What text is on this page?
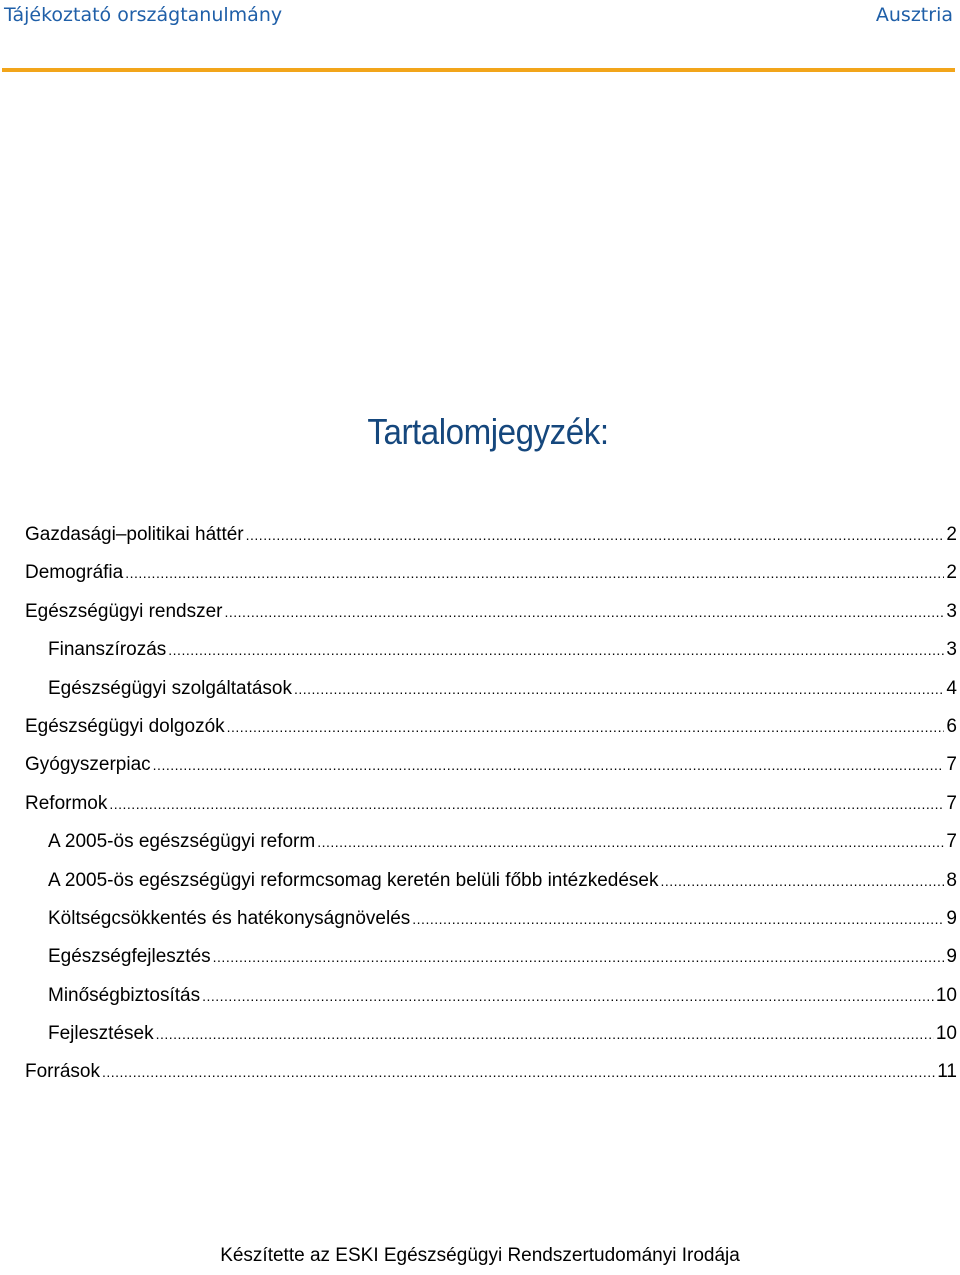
Tájékoztató országtanulmány	Ausztria
Tartalomjegyzék:
Gazdasági–politikai háttér .....	2
Demográfia .....	2
Egészségügyi rendszer .....	3
Finanszírozás .....	3
Egészségügyi szolgáltatások .....	4
Egészségügyi dolgozók .....	6
Gyógyszerpiac .....	7
Reformok .....	7
A 2005-ös egészségügyi reform .....	7
A 2005-ös egészségügyi reformcsomag keretén belüli főbb intézkedések .....	8
Költségcsökkentés és hatékonyságnövelés .....	9
Egészségfejlesztés .....	9
Minőségbiztosítás .....	10
Fejlesztések .....	10
Források .....	11
Készítette az ESKI Egészségügyi Rendszertudományi Irodája
